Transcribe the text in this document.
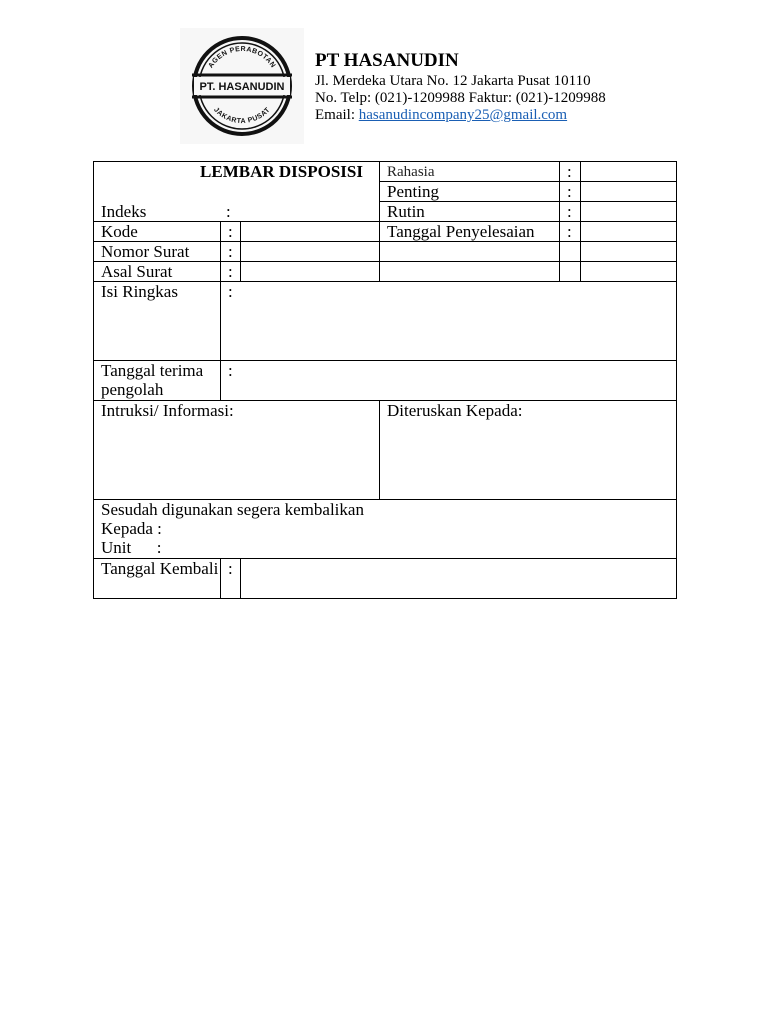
AGEN PERABOTAN
PT. HASANUDIN
JAKARTA PUSAT
PT HASANUDIN
Jl. Merdeka Utara No. 12 Jakarta Pusat 10110
No. Telp: (021)-1209988 Faktur: (021)-1209988
Email: hasanudincompany25@gmail.com
LEMBAR DISPOSISI
Indeks :			Rahasia	:	
			Penting	:	
			Rutin	:	
Kode	:		Tanggal Penyelesaian	:	
Nomor Surat	:				
Asal Surat	:				
Isi Ringkas	:				
Tanggal terima pengolah	:				
Intruksi/ Informasi:			Diteruskan Kepada:		

Sesudah digunakan segera kembalikan
Kepada :
Unit      :					

Tanggal Kembali	:				
